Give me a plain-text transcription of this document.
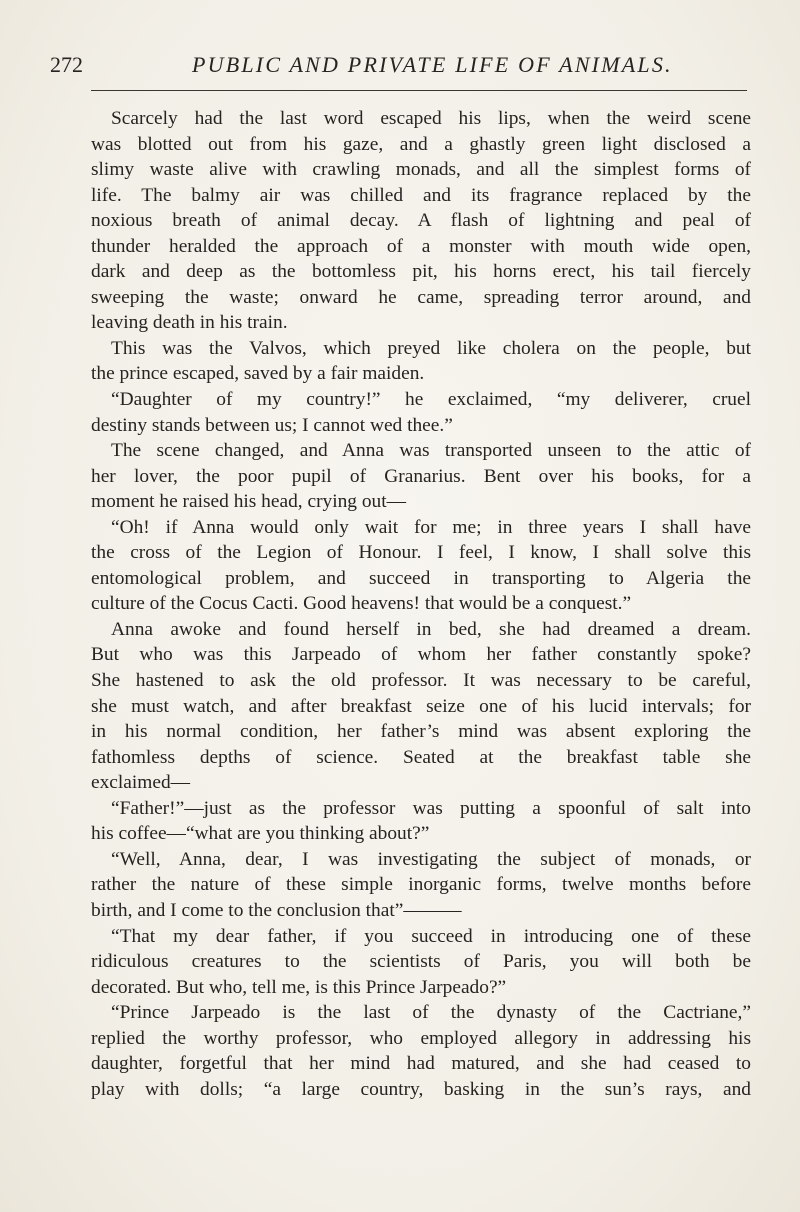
272	PUBLIC AND PRIVATE LIFE OF ANIMALS.
Scarcely had the last word escaped his lips, when the weird scene
was blotted out from his gaze, and a ghastly green light disclosed a
slimy waste alive with crawling monads, and all the simplest forms of
life. The balmy air was chilled and its fragrance replaced by the
noxious breath of animal decay. A flash of lightning and peal of
thunder heralded the approach of a monster with mouth wide open,
dark and deep as the bottomless pit, his horns erect, his tail fiercely
sweeping the waste; onward he came, spreading terror around, and
leaving death in his train.
This was the Valvos, which preyed like cholera on the people, but
the prince escaped, saved by a fair maiden.
“Daughter of my country!” he exclaimed, “my deliverer, cruel
destiny stands between us; I cannot wed thee.”
The scene changed, and Anna was transported unseen to the attic of
her lover, the poor pupil of Granarius. Bent over his books, for a
moment he raised his head, crying out—
“Oh! if Anna would only wait for me; in three years I shall have
the cross of the Legion of Honour. I feel, I know, I shall solve this
entomological problem, and succeed in transporting to Algeria the
culture of the Cocus Cacti. Good heavens! that would be a conquest.”
Anna awoke and found herself in bed, she had dreamed a dream.
But who was this Jarpeado of whom her father constantly spoke?
She hastened to ask the old professor. It was necessary to be careful,
she must watch, and after breakfast seize one of his lucid intervals; for
in his normal condition, her father’s mind was absent exploring the
fathomless depths of science. Seated at the breakfast table she
exclaimed—
“Father!”—just as the professor was putting a spoonful of salt into
his coffee—“what are you thinking about?”
“Well, Anna, dear, I was investigating the subject of monads, or
rather the nature of these simple inorganic forms, twelve months before
birth, and I come to the conclusion that”———
“That my dear father, if you succeed in introducing one of these
ridiculous creatures to the scientists of Paris, you will both be
decorated. But who, tell me, is this Prince Jarpeado?”
“Prince Jarpeado is the last of the dynasty of the Cactriane,”
replied the worthy professor, who employed allegory in addressing his
daughter, forgetful that her mind had matured, and she had ceased to
play with dolls; “a large country, basking in the sun’s rays, and
